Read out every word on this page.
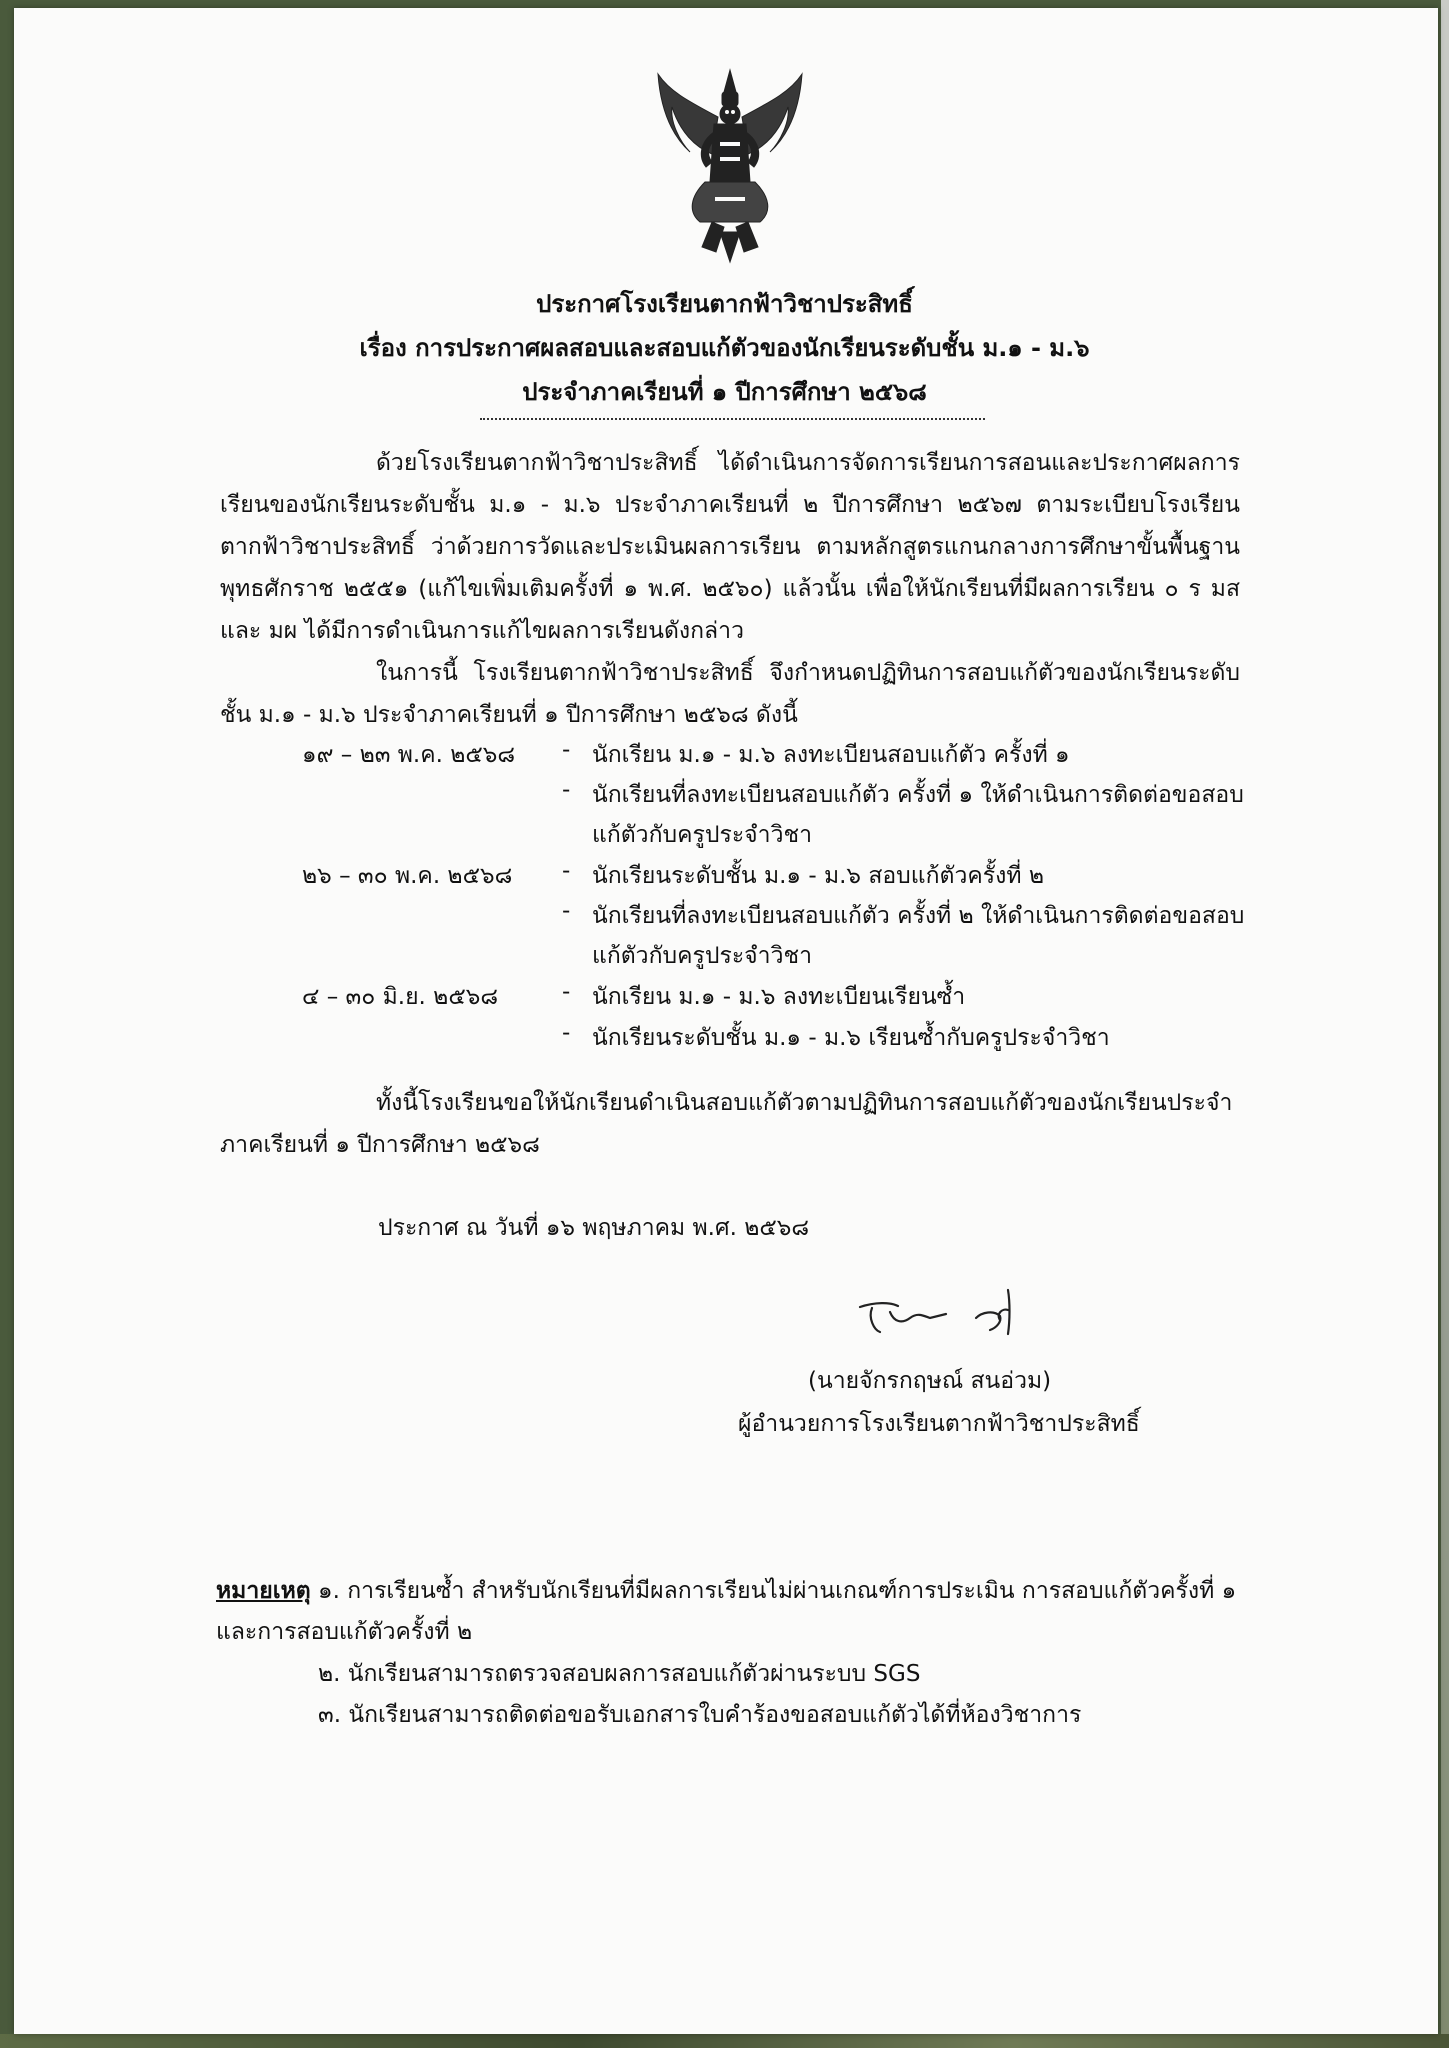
ประกาศโรงเรียนตากฟ้าวิชาประสิทธิ์
เรื่อง การประกาศผลสอบและสอบแก้ตัวของนักเรียนระดับชั้น ม.๑ - ม.๖
ประจำภาคเรียนที่ ๑ ปีการศึกษา ๒๕๖๘
ด้วยโรงเรียนตากฟ้าวิชาประสิทธิ์ ได้ดำเนินการจัดการเรียนการสอนและประกาศผลการเรียนของนักเรียนระดับชั้น ม.๑ - ม.๖ ประจำภาคเรียนที่ ๒ ปีการศึกษา ๒๕๖๗ ตามระเบียบโรงเรียนตากฟ้าวิชาประสิทธิ์ ว่าด้วยการวัดและประเมินผลการเรียน ตามหลักสูตรแกนกลางการศึกษาขั้นพื้นฐาน พุทธศักราช ๒๕๕๑ (แก้ไขเพิ่มเติมครั้งที่ ๑ พ.ศ. ๒๕๖๐) แล้วนั้น เพื่อให้นักเรียนที่มีผลการเรียน ๐ ร มส และ มผ ได้มีการดำเนินการแก้ไขผลการเรียนดังกล่าว
ในการนี้ โรงเรียนตากฟ้าวิชาประสิทธิ์ จึงกำหนดปฏิทินการสอบแก้ตัวของนักเรียนระดับชั้น ม.๑ - ม.๖ ประจำภาคเรียนที่ ๑ ปีการศึกษา ๒๕๖๘ ดังนี้
๑๙ – ๒๓ พ.ค. ๒๕๖๘ - นักเรียน ม.๑ - ม.๖ ลงทะเบียนสอบแก้ตัว ครั้งที่ ๑
- นักเรียนที่ลงทะเบียนสอบแก้ตัว ครั้งที่ ๑ ให้ดำเนินการติดต่อขอสอบ
แก้ตัวกับครูประจำวิชา
๒๖ – ๓๐ พ.ค. ๒๕๖๘ - นักเรียนระดับชั้น ม.๑ - ม.๖ สอบแก้ตัวครั้งที่ ๒
- นักเรียนที่ลงทะเบียนสอบแก้ตัว ครั้งที่ ๒ ให้ดำเนินการติดต่อขอสอบ
แก้ตัวกับครูประจำวิชา
๔ – ๓๐ มิ.ย. ๒๕๖๘	- นักเรียน ม.๑ - ม.๖ ลงทะเบียนเรียนซ้ำ
- นักเรียนระดับชั้น ม.๑ - ม.๖ เรียนซ้ำกับครูประจำวิชา
ทั้งนี้โรงเรียนขอให้นักเรียนดำเนินสอบแก้ตัวตามปฏิทินการสอบแก้ตัวของนักเรียนประจำภาคเรียนที่ ๑ ปีการศึกษา ๒๕๖๘
ประกาศ ณ วันที่ ๑๖ พฤษภาคม พ.ศ. ๒๕๖๘
(นายจักรกฤษณ์ สนอ่วม)
ผู้อำนวยการโรงเรียนตากฟ้าวิชาประสิทธิ์
หมายเหตุ ๑. การเรียนซ้ำ สำหรับนักเรียนที่มีผลการเรียนไม่ผ่านเกณฑ์การประเมิน การสอบแก้ตัวครั้งที่ ๑
และการสอบแก้ตัวครั้งที่ ๒
๒. นักเรียนสามารถตรวจสอบผลการสอบแก้ตัวผ่านระบบ SGS
๓. นักเรียนสามารถติดต่อขอรับเอกสารใบคำร้องขอสอบแก้ตัวได้ที่ห้องวิชาการ
